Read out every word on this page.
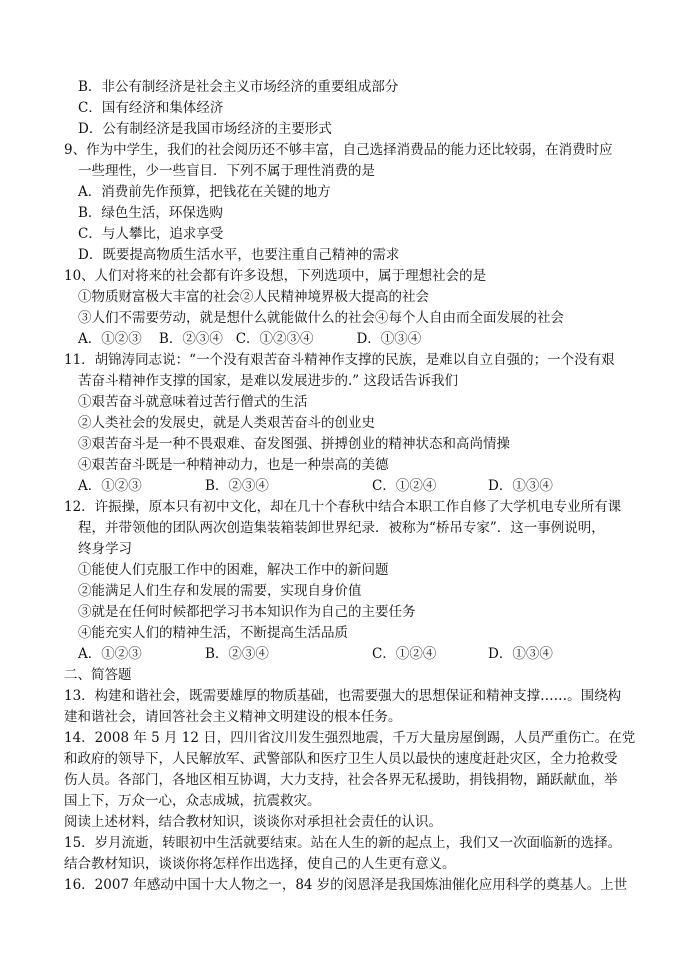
B．非公有制经济是社会主义市场经济的重要组成部分
C．国有经济和集体经济
D．公有制经济是我国市场经济的主要形式
9、作为中学生，我们的社会阅历还不够丰富，自己选择消费品的能力还比较弱，在消费时应
一些理性，少一些盲目．下列不属于理性消费的是
A．消费前先作预算，把钱花在关键的地方
B．绿色生活，环保选购
C．与人攀比，追求享受
D．既要提高物质生活水平，也要注重自己精神的需求
10、人们对将来的社会都有许多设想，下列选项中，属于理想社会的是
①物质财富极大丰富的社会②人民精神境界极大提高的社会
③人们不需要劳动，就是想什么就能做什么的社会④每个人自由而全面发展的社会
A．①②③    B．②③④   C．①②③④          D．①③④
11．胡锦涛同志说：“一个没有艰苦奋斗精神作支撑的民族，是难以自立自强的；一个没有艰
苦奋斗精神作支撑的国家，是难以发展进步的.” 这段话告诉我们
①艰苦奋斗就意味着过苦行僧式的生活
②人类社会的发展史，就是人类艰苦奋斗的创业史
③艰苦奋斗是一种不畏艰难、奋发图强、拼搏创业的精神状态和高尚情操
④艰苦奋斗既是一种精神动力，也是一种崇高的美德

A．①②③

	B．②③④

	C．①②④

	D．①③④

12．许振操，原本只有初中文化，却在几十个春秋中结合本职工作自修了大学机电专业所有课
程，并带领他的团队两次创造集装箱装卸世界纪录．被称为“桥吊专家”．这一事例说明，
终身学习
①能使人们克服工作中的困难，解决工作中的新问题
②能满足人们生存和发展的需要，实现自身价值
③就是在任何时候都把学习书本知识作为自己的主要任务
④能充实人们的精神生活，不断提高生活品质

A．①②③

	B．②③④

	C．①②④

	D．①③④

二、简答题
13．构建和谐社会，既需要雄厚的物质基础，也需要强大的思想保证和精神支撑……。围绕构
建和谐社会，请回答社会主义精神文明建设的根本任务。
14．2008 年 5 月 12 日，四川省汶川发生强烈地震，千万大量房屋倒踢，人员严重伤亡。在党
和政府的领导下，人民解放军、武警部队和医疗卫生人员以最快的速度赶赴灾区，全力抢救受
伤人员。各部门，各地区相互协调，大力支持，社会各界无私援助，捐钱捐物，踊跃献血，举
国上下，万众一心，众志成城，抗震救灾。
阅读上述材料，结合教材知识，谈谈你对承担社会责任的认识。
15．岁月流逝，转眼初中生活就要结束。站在人生的新的起点上，我们又一次面临新的选择。
结合教材知识，谈谈你将怎样作出选择，使自己的人生更有意义。
16．2007 年感动中国十大人物之一，84 岁的闵恩泽是我国炼油催化应用科学的奠基人。上世
